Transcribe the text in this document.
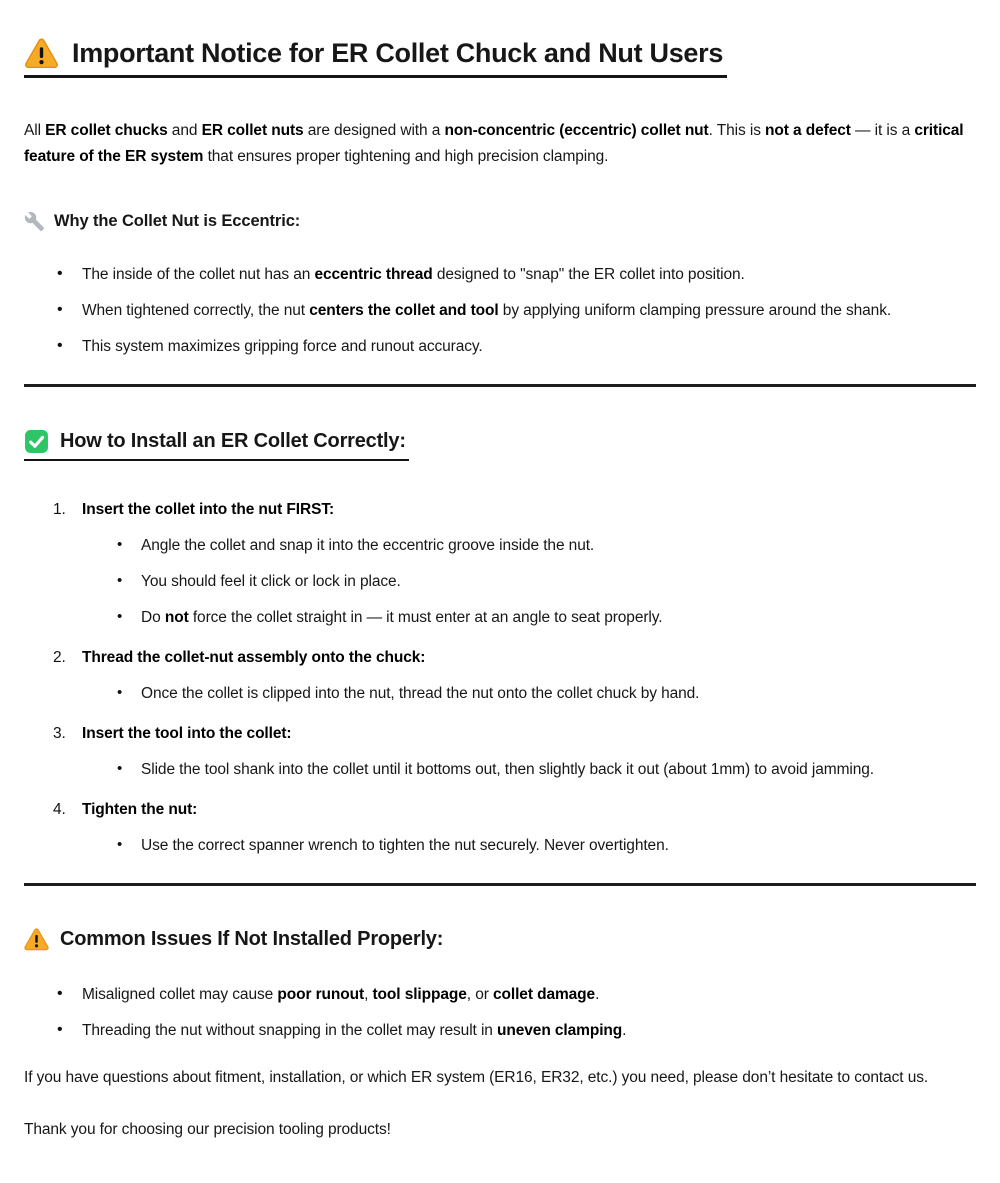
Important Notice for ER Collet Chuck and Nut Users

All ER collet chucks and ER collet nuts are designed with a non-concentric (eccentric) collet nut. This is not a defect — it is a critical feature of the ER system that ensures proper tightening and high precision clamping.

Why the Collet Nut is Eccentric:
• The inside of the collet nut has an eccentric thread designed to "snap" the ER collet into position.
• When tightened correctly, the nut centers the collet and tool by applying uniform clamping pressure around the shank.
• This system maximizes gripping force and runout accuracy.
How to Install an ER Collet Correctly:
Insert the collet into the nut FIRST:
• Angle the collet and snap it into the eccentric groove inside the nut.
• You should feel it click or lock in place.
• Do not force the collet straight in — it must enter at an angle to seat properly.
Thread the collet-nut assembly onto the chuck:
• Once the collet is clipped into the nut, thread the nut onto the collet chuck by hand.
Insert the tool into the collet:
• Slide the tool shank into the collet until it bottoms out, then slightly back it out (about 1mm) to avoid jamming.
Tighten the nut:
• Use the correct spanner wrench to tighten the nut securely. Never overtighten.
Common Issues If Not Installed Properly:
• Misaligned collet may cause poor runout, tool slippage, or collet damage.
• Threading the nut without snapping in the collet may result in uneven clamping.

If you have questions about fitment, installation, or which ER system (ER16, ER32, etc.) you need, please don’t hesitate to contact us.

Thank you for choosing our precision tooling products!
